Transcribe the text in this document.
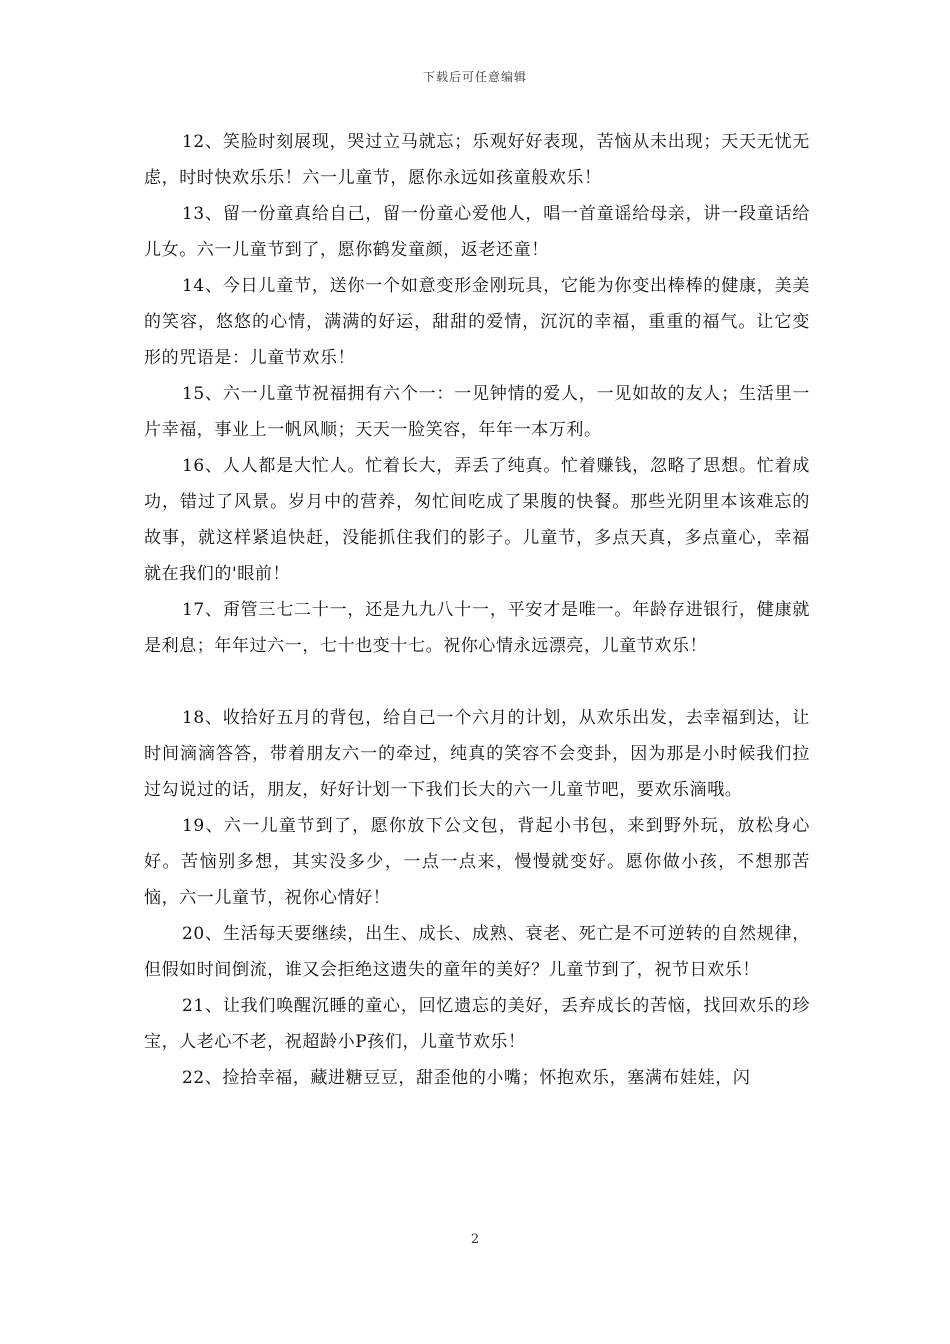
下载后可任意编辑

12、笑脸时刻展现，哭过立马就忘；乐观好好表现，苦恼从未出现；天天无忧无虑，时时快欢乐乐！六一儿童节，愿你永远如孩童般欢乐！

13、留一份童真给自己，留一份童心爱他人，唱一首童谣给母亲，讲一段童话给儿女。六一儿童节到了，愿你鹤发童颜，返老还童！

14、今日儿童节，送你一个如意变形金刚玩具，它能为你变出棒棒的健康，美美的笑容，悠悠的心情，满满的好运，甜甜的爱情，沉沉的幸福，重重的福气。让它变形的咒语是：儿童节欢乐！

15、六一儿童节祝福拥有六个一：一见钟情的爱人，一见如故的友人；生活里一片幸福，事业上一帆风顺；天天一脸笑容，年年一本万利。

16、人人都是大忙人。忙着长大，弄丢了纯真。忙着赚钱，忽略了思想。忙着成功，错过了风景。岁月中的营养，匆忙间吃成了果腹的快餐。那些光阴里本该难忘的故事，就这样紧追快赶，没能抓住我们的影子。儿童节，多点天真，多点童心，幸福就在我们的'眼前！

17、甭管三七二十一，还是九九八十一，平安才是唯一。年龄存进银行，健康就是利息；年年过六一，七十也变十七。祝你心情永远漂亮，儿童节欢乐！

18、收拾好五月的背包，给自己一个六月的计划，从欢乐出发，去幸福到达，让时间滴滴答答，带着朋友六一的牵过，纯真的笑容不会变卦，因为那是小时候我们拉过勾说过的话，朋友，好好计划一下我们长大的六一儿童节吧，要欢乐滴哦。

19、六一儿童节到了，愿你放下公文包，背起小书包，来到野外玩，放松身心好。苦恼别多想，其实没多少，一点一点来，慢慢就变好。愿你做小孩，不想那苦恼，六一儿童节，祝你心情好！

20、生活每天要继续，出生、成长、成熟、衰老、死亡是不可逆转的自然规律，但假如时间倒流，谁又会拒绝这遗失的童年的美好？儿童节到了，祝节日欢乐！

21、让我们唤醒沉睡的童心，回忆遗忘的美好，丢弃成长的苦恼，找回欢乐的珍宝，人老心不老，祝超龄小P孩们，儿童节欢乐！

22、捡拾幸福，藏进糖豆豆，甜歪他的小嘴；怀抱欢乐，塞满布娃娃，闪

2
